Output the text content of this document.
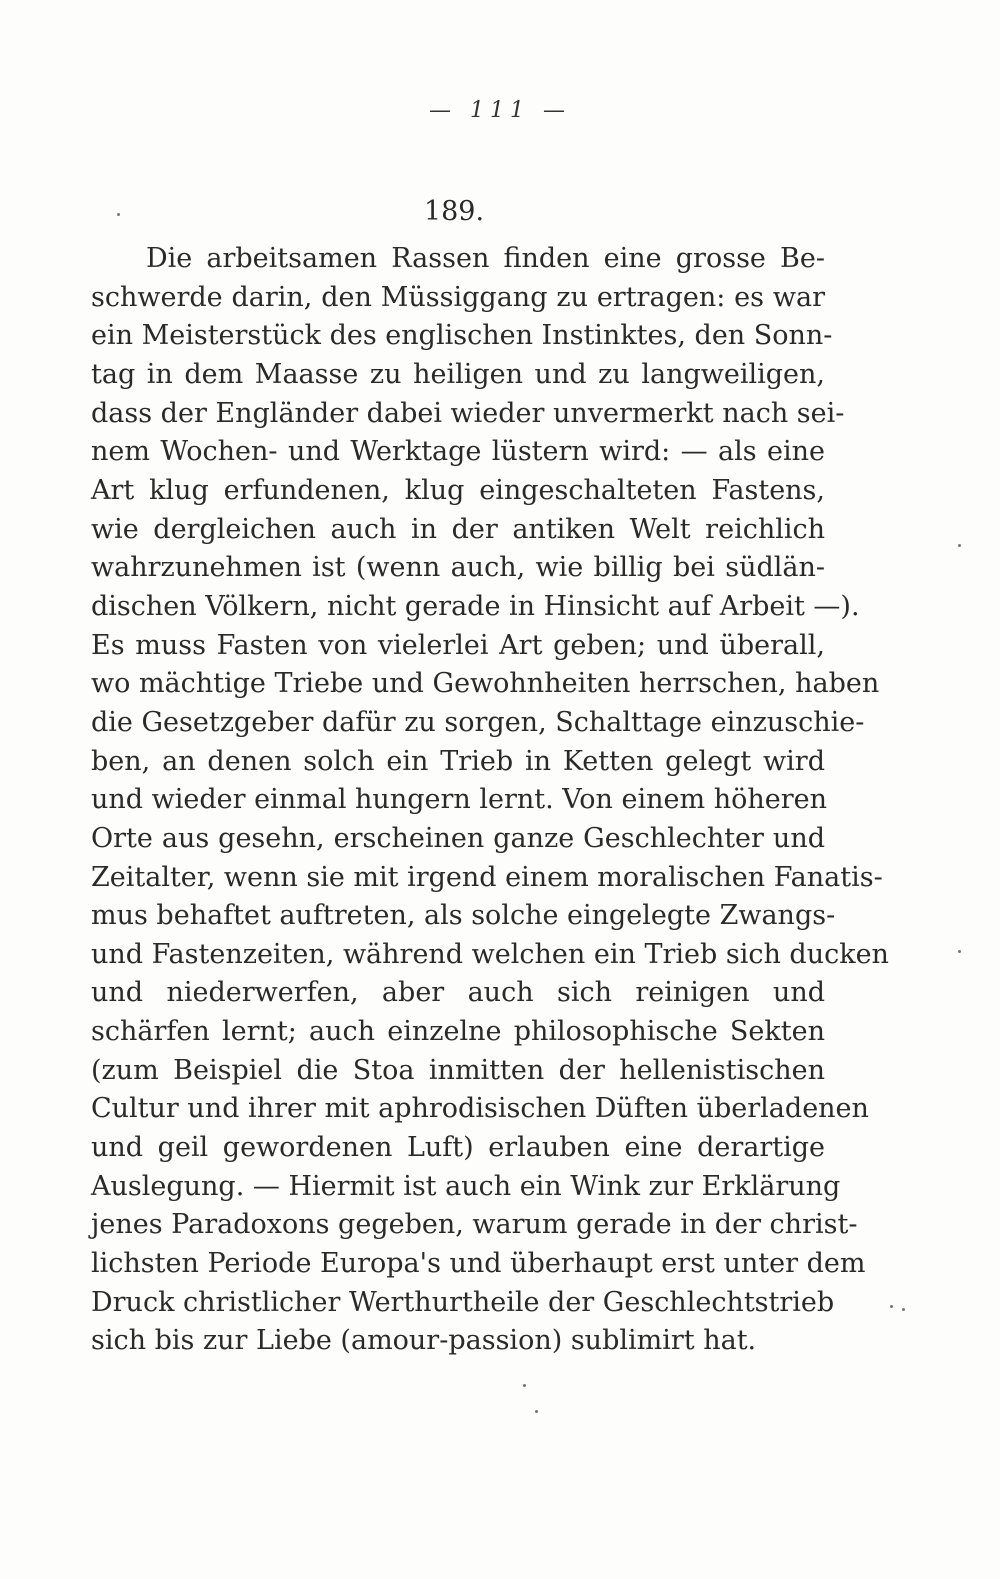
— 111 —
189.
Die arbeitsamen Rassen finden eine grosse Be-
schwerde darin, den Müssiggang zu ertragen: es war
ein Meisterstück des englischen Instinktes, den Sonn-
tag in dem Maasse zu heiligen und zu langweiligen,
dass der Engländer dabei wieder unvermerkt nach sei-
nem Wochen- und Werktage lüstern wird: — als eine
Art klug erfundenen, klug eingeschalteten Fastens,
wie dergleichen auch in der antiken Welt reichlich
wahrzunehmen ist (wenn auch, wie billig bei südlän-
dischen Völkern, nicht gerade in Hinsicht auf Arbeit —).
Es muss Fasten von vielerlei Art geben; und überall,
wo mächtige Triebe und Gewohnheiten herrschen, haben
die Gesetzgeber dafür zu sorgen, Schalttage einzuschie-
ben, an denen solch ein Trieb in Ketten gelegt wird
und wieder einmal hungern lernt. Von einem höheren
Orte aus gesehn, erscheinen ganze Geschlechter und
Zeitalter, wenn sie mit irgend einem moralischen Fanatis-
mus behaftet auftreten, als solche eingelegte Zwangs-
und Fastenzeiten, während welchen ein Trieb sich ducken
und niederwerfen, aber auch sich reinigen und
schärfen lernt; auch einzelne philosophische Sekten
(zum Beispiel die Stoa inmitten der hellenistischen
Cultur und ihrer mit aphrodisischen Düften überladenen
und geil gewordenen Luft) erlauben eine derartige
Auslegung. — Hiermit ist auch ein Wink zur Erklärung
jenes Paradoxons gegeben, warum gerade in der christ-
lichsten Periode Europa's und überhaupt erst unter dem
Druck christlicher Werthurtheile der Geschlechtstrieb
sich bis zur Liebe (amour-passion) sublimirt hat.
